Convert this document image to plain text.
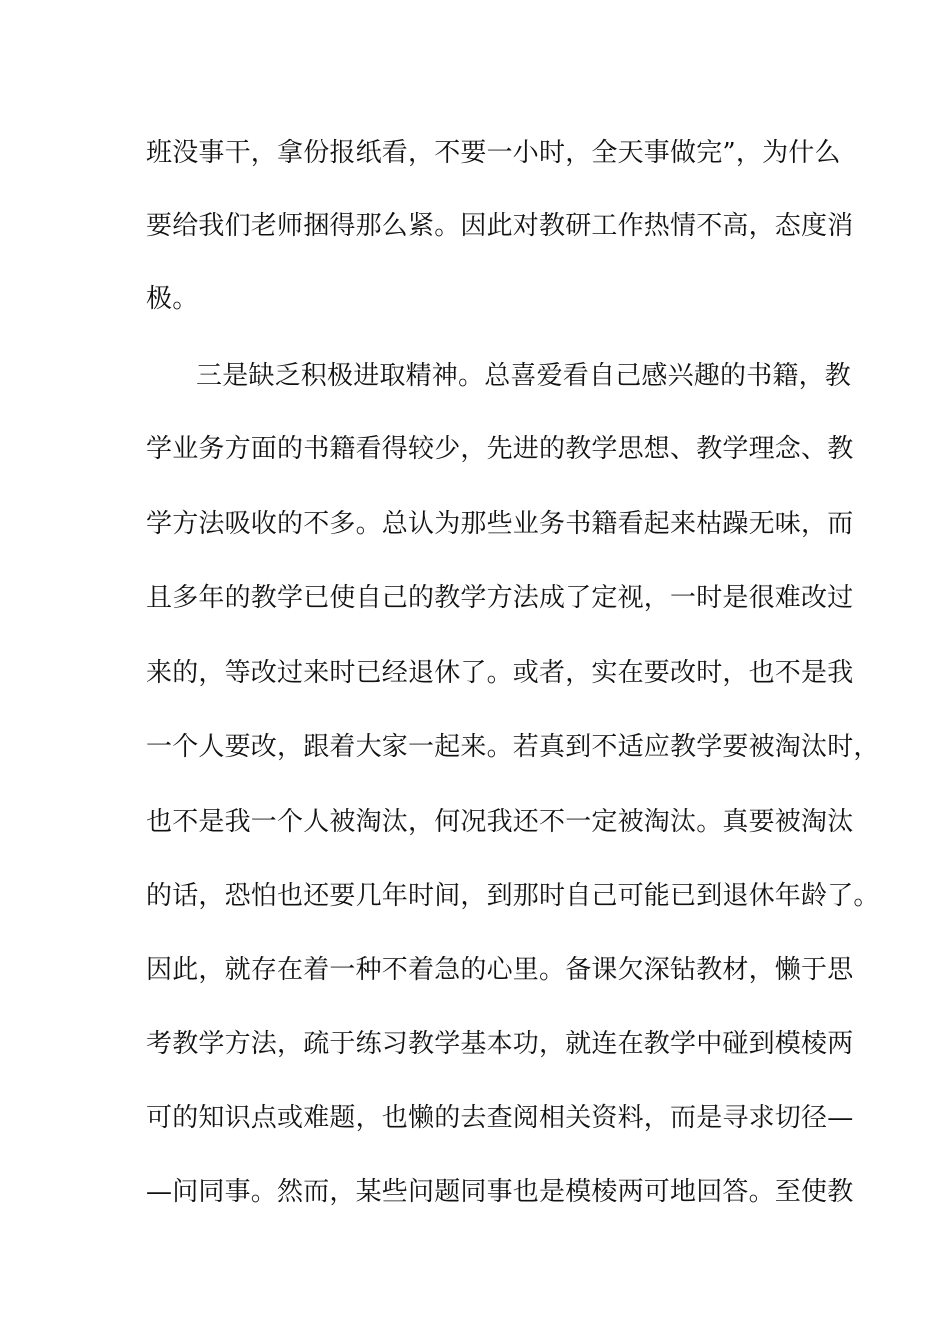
班没事干，拿份报纸看，不要一小时，全天事做完”，为什么
要给我们老师捆得那么紧。因此对教研工作热情不高，态度消
极。
三是缺乏积极进取精神。总喜爱看自己感兴趣的书籍，教
学业务方面的书籍看得较少，先进的教学思想、教学理念、教
学方法吸收的不多。总认为那些业务书籍看起来枯躁无味，而
且多年的教学已使自己的教学方法成了定视，一时是很难改过
来的，等改过来时已经退休了。或者，实在要改时，也不是我
一个人要改，跟着大家一起来。若真到不适应教学要被淘汰时，
也不是我一个人被淘汰，何况我还不一定被淘汰。真要被淘汰
的话，恐怕也还要几年时间，到那时自己可能已到退休年龄了。
因此，就存在着一种不着急的心里。备课欠深钻教材，懒于思
考教学方法，疏于练习教学基本功，就连在教学中碰到模棱两
可的知识点或难题，也懒的去查阅相关资料，而是寻求切径—
—问同事。然而，某些问题同事也是模棱两可地回答。至使教
